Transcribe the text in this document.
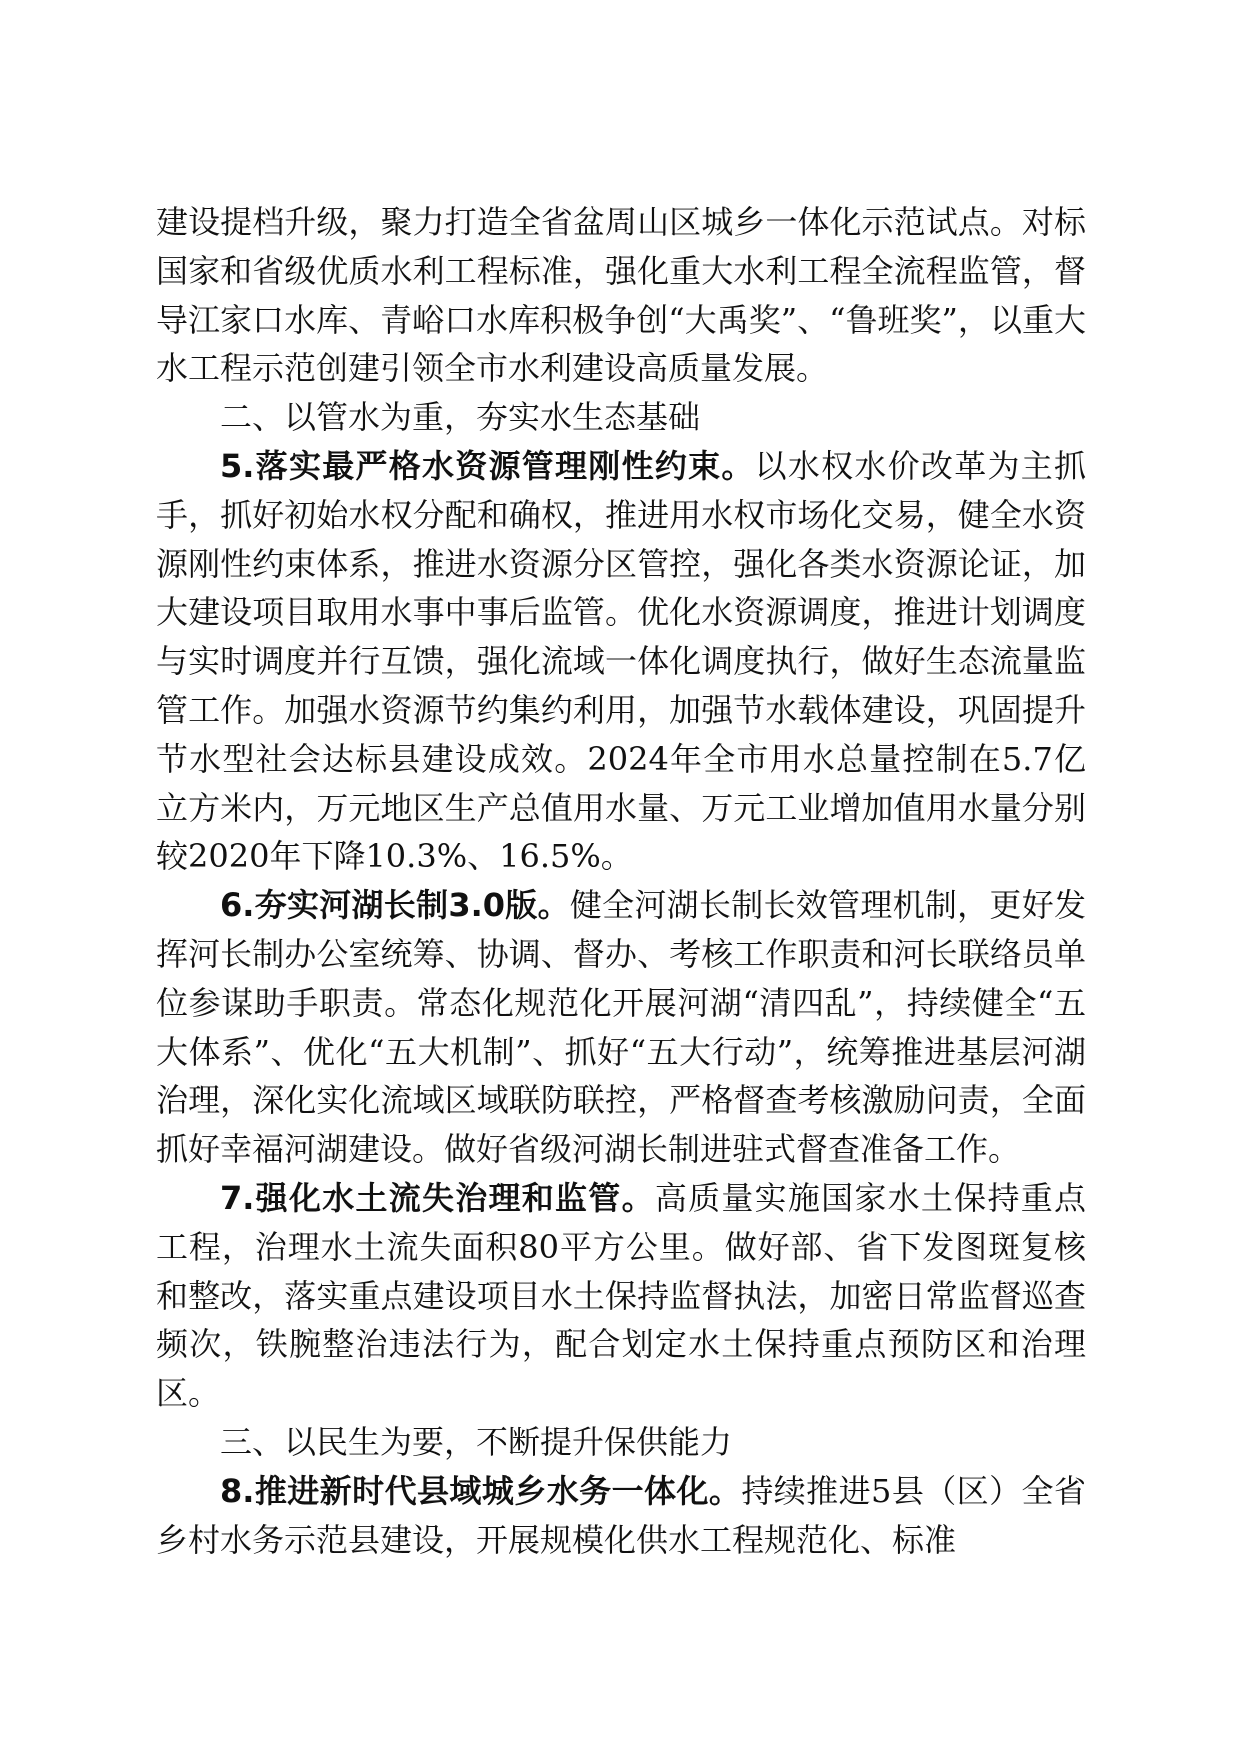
建设提档升级，聚力打造全省盆周山区城乡一体化示范试点。对标国家和省级优质水利工程标准，强化重大水利工程全流程监管，督导江家口水库、青峪口水库积极争创“大禹奖”、“鲁班奖”，以重大水工程示范创建引领全市水利建设高质量发展。

二、以管水为重，夯实水生态基础

5.落实最严格水资源管理刚性约束。以水权水价改革为主抓手，抓好初始水权分配和确权，推进用水权市场化交易，健全水资源刚性约束体系，推进水资源分区管控，强化各类水资源论证，加大建设项目取用水事中事后监管。优化水资源调度，推进计划调度与实时调度并行互馈，强化流域一体化调度执行，做好生态流量监管工作。加强水资源节约集约利用，加强节水载体建设，巩固提升节水型社会达标县建设成效。2024年全市用水总量控制在5.7亿立方米内，万元地区生产总值用水量、万元工业增加值用水量分别较2020年下降10.3%、16.5%。

6.夯实河湖长制3.0版。健全河湖长制长效管理机制，更好发挥河长制办公室统筹、协调、督办、考核工作职责和河长联络员单位参谋助手职责。常态化规范化开展河湖“清四乱”，持续健全“五大体系”、优化“五大机制”、抓好“五大行动”，统筹推进基层河湖治理，深化实化流域区域联防联控，严格督查考核激励问责，全面抓好幸福河湖建设。做好省级河湖长制进驻式督查准备工作。

7.强化水土流失治理和监管。高质量实施国家水土保持重点工程，治理水土流失面积80平方公里。做好部、省下发图斑复核和整改，落实重点建设项目水土保持监督执法，加密日常监督巡查频次，铁腕整治违法行为，配合划定水土保持重点预防区和治理区。

三、以民生为要，不断提升保供能力

8.推进新时代县域城乡水务一体化。持续推进5县（区）全省乡村水务示范县建设，开展规模化供水工程规范化、标准
